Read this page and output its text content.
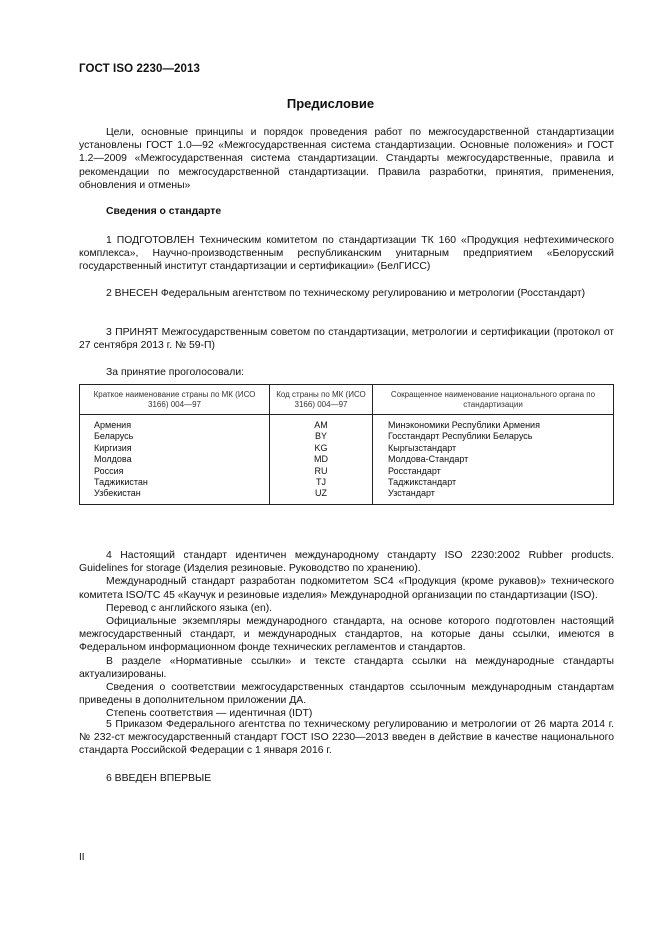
ГОСТ ISO 2230—2013
Предисловие

Цели, основные принципы и порядок проведения работ по межгосударственной стандартизации установлены ГОСТ 1.0—92 «Межгосударственная система стандартизации. Основные положения» и ГОСТ 1.2—2009 «Межгосударственная система стандартизации. Стандарты межгосударственные, правила и рекомендации по межгосударственной стандартизации. Правила разработки, принятия, применения, обновления и отмены»

Сведения о стандарте

1 ПОДГОТОВЛЕН Техническим комитетом по стандартизации ТК 160 «Продукция нефтехимического комплекса», Научно-производственным республиканским унитарным предприятием «Белорусский государственный институт стандартизации и сертификации» (БелГИСС)

2 ВНЕСЕН Федеральным агентством по техническому регулированию и метрологии (Росстандарт)

3 ПРИНЯТ Межгосударственным советом по стандартизации, метрологии и сертификации (протокол от 27 сентября 2013 г. № 59-П)

За принятие проголосовали:

Краткое наименование страны по МК (ИСО 3166) 004—97	Код страны по МК (ИСО 3166) 004—97	Сокращенное наименование национального органа по стандартизации
Армения	AM	Минэкономики Республики Армения
Беларусь	BY	Госстандарт Республики Беларусь
Киргизия	KG	Кыргызстандарт
Молдова	MD	Молдова-Стандарт
Россия	RU	Росстандарт
Таджикистан	TJ	Таджикстандарт
Узбекистан	UZ	Узстандарт

4 Настоящий стандарт идентичен международному стандарту ISO 2230:2002 Rubber products. Guidelines for storage (Изделия резиновые. Руководство по хранению).

Международный стандарт разработан подкомитетом SC4 «Продукция (кроме рукавов)» технического комитета ISO/TC 45 «Каучук и резиновые изделия» Международной организации по стандартизации (ISO).

Перевод с английского языка (en).

Официальные экземпляры международного стандарта, на основе которого подготовлен настоящий межгосударственный стандарт, и международных стандартов, на которые даны ссылки, имеются в Федеральном информационном фонде технических регламентов и стандартов.

В разделе «Нормативные ссылки» и тексте стандарта ссылки на международные стандарты актуализированы.

Сведения о соответствии межгосударственных стандартов ссылочным международным стандартам приведены в дополнительном приложении ДА.

Степень соответствия — идентичная (IDT)

5 Приказом Федерального агентства по техническому регулированию и метрологии от 26 марта 2014 г. № 232-ст межгосударственный стандарт ГОСТ ISO 2230—2013 введен в действие в качестве национального стандарта Российской Федерации с 1 января 2016 г.

6 ВВЕДЕН ВПЕРВЫЕ

II
